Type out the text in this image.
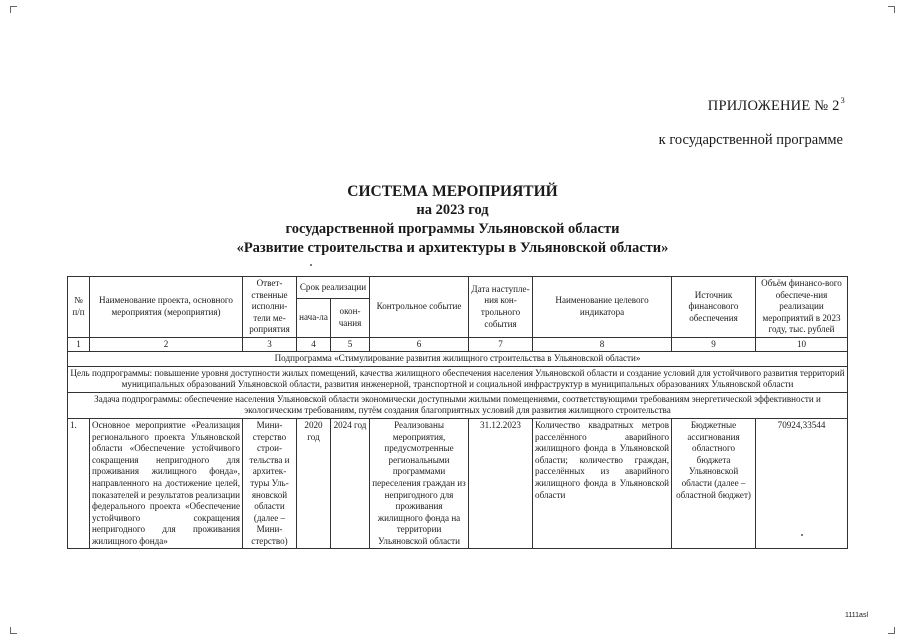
ПРИЛОЖЕНИЕ № $2^3$
к государственной программе
СИСТЕМА МЕРОПРИЯТИЙ
на 2023 год
государственной программы Ульяновской области
«Развитие строительства и архитектуры в Ульяновской области»
№ п/п	Наименование проекта, основного мероприятия (мероприятия)	Ответ-ственные исполни-тели ме-роприятия	Срок реализации		Контрольное событие	Дата наступле-ния кон-трольного события	Наименование целевого индикатора	Источник финансового обеспечения	Объём финансо-вого обеспече-ния реализации мероприятий в 2023 году, тыс. рублей
			нача-ла	окон-чания					
1	2	3	4	5	6	7	8	9	10
Подпрограмма «Стимулирование развития жилищного строительства в Ульяновской области»									
Цель подпрограммы: повышение уровня доступности жилых помещений, качества жилищного обеспечения населения Ульяновской области и создание условий для устойчивого развития территорий муниципальных образований Ульяновской области, развития инженерной, транспортной и социальной инфраструктур в муниципальных образованиях Ульяновской области									
Задача подпрограммы: обеспечение населения Ульяновской области экономически доступными жилыми помещениями, соответствующими требованиям энергетической эффективности и экологическим требованиям, путём создания благоприятных условий для развития жилищного строительства									
1.	Основное мероприятие «Реализация регионального проекта Ульяновской области «Обеспечение устойчивого сокращения непригодного для проживания жилищного фонда», направленного на достижение целей, показателей и результатов реализации федерального проекта «Обеспечение устойчивого сокращения непригодного для проживания жилищного фонда»	Мини-стерство строи-тельства и архитек-туры Уль-яновской области (далее – Мини-стерство)	2020 год	2024 год	Реализованы мероприятия, предусмотренные региональными программами переселения граждан из непригодного для проживания жилищного фонда на территории Ульяновской области	31.12.2023	Количество квадратных метров расселённого аварийного жилищного фонда в Ульяновской области; количество граждан, расселённых из аварийного жилищного фонда в Ульяновской области	Бюджетные ассигнования областного бюджета Ульяновской области (далее – областной бюджет)	70924,33544
1111asl
